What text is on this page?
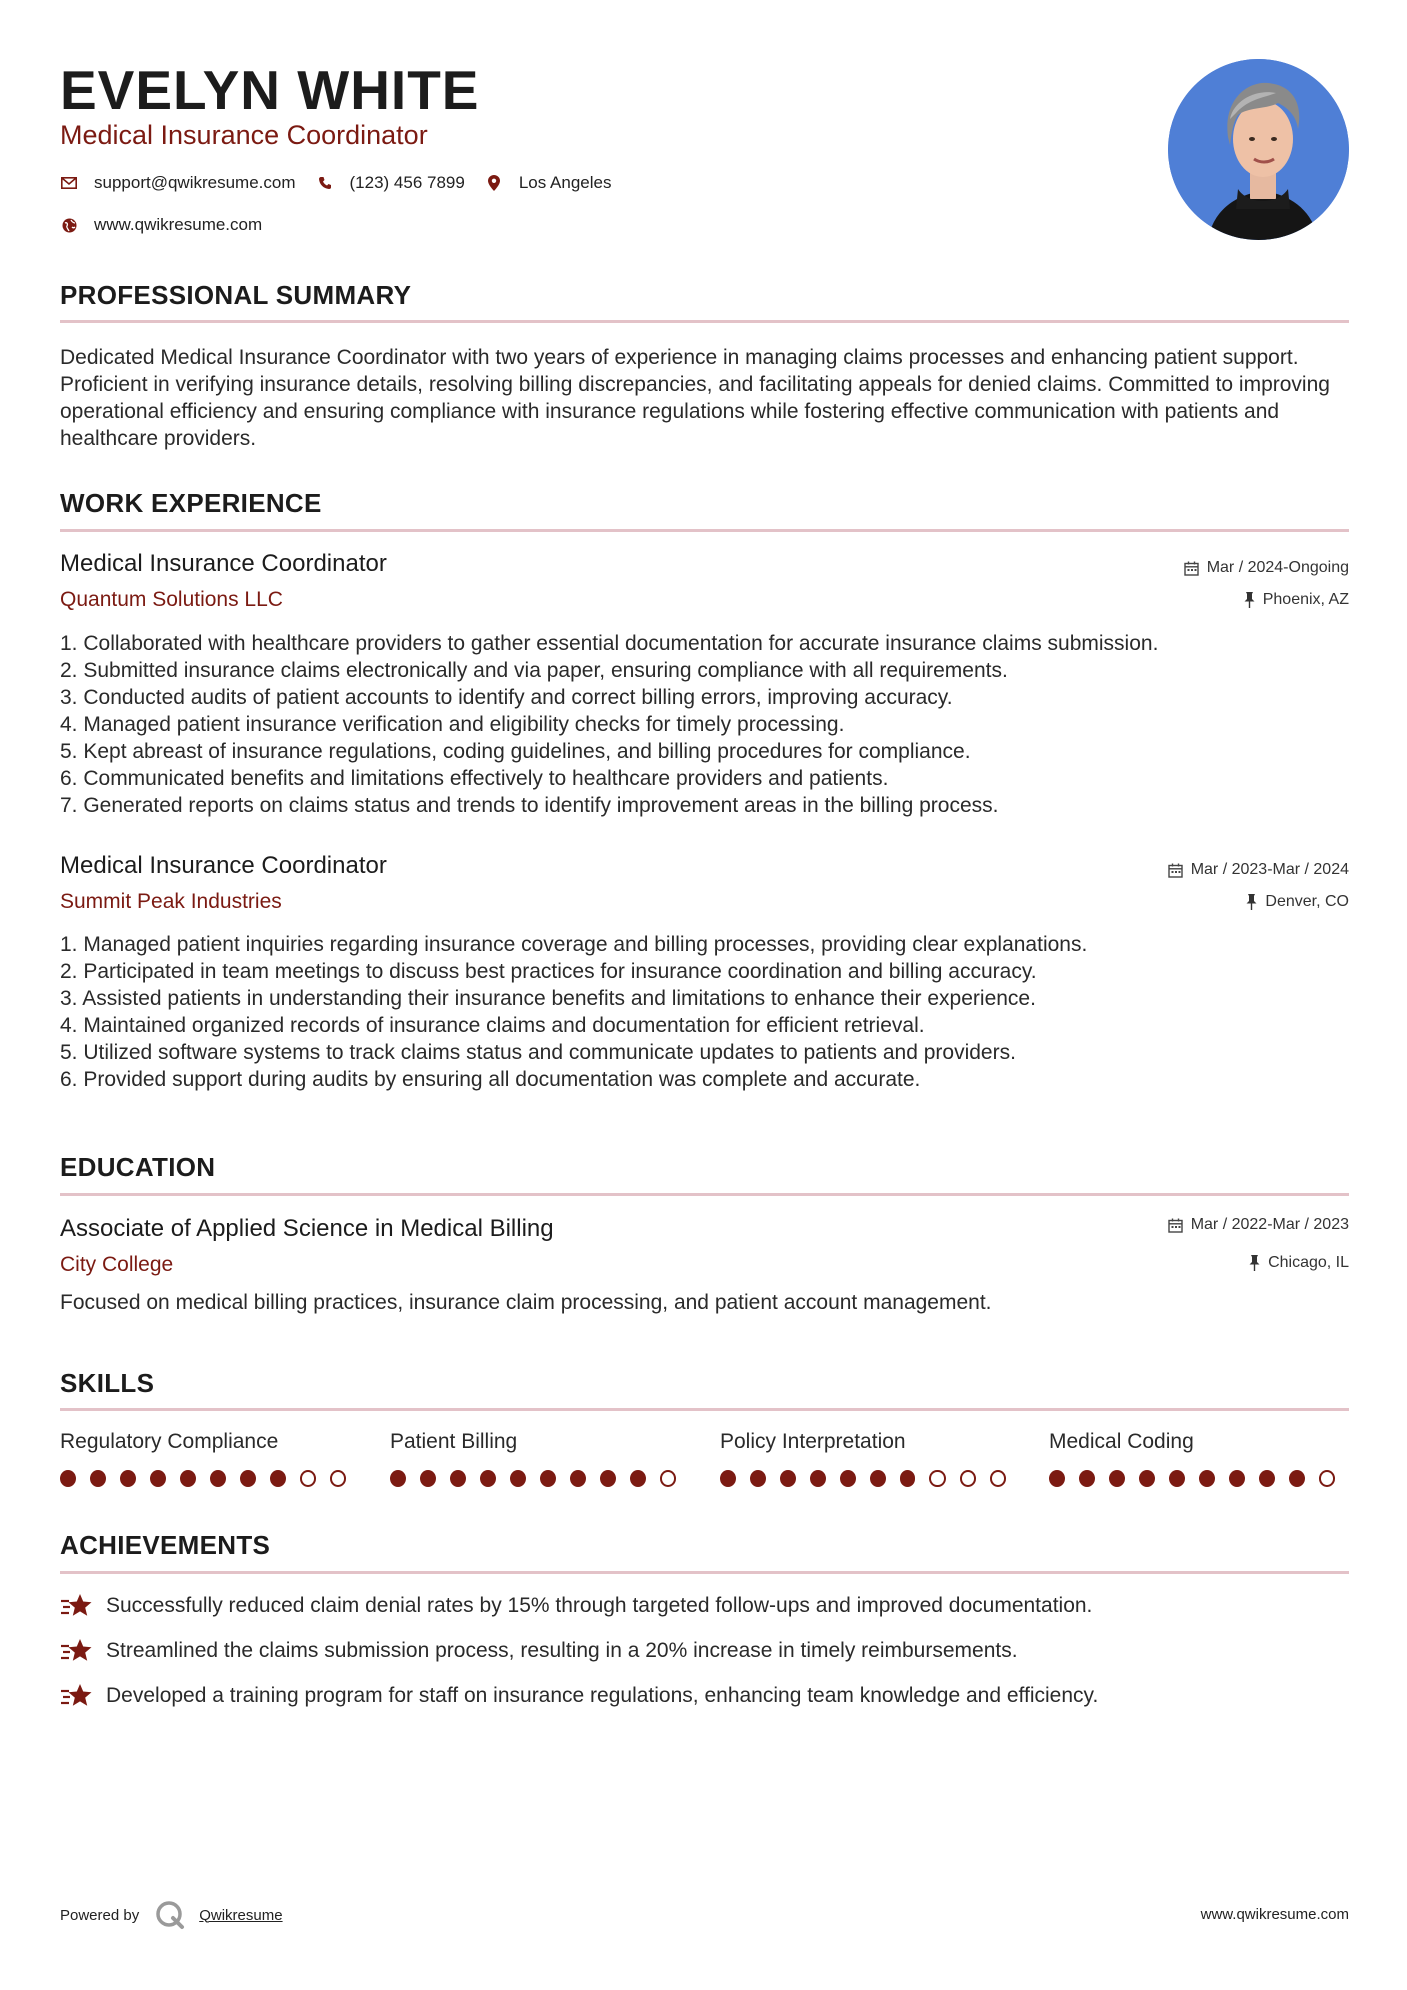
EVELYN WHITE
Medical Insurance Coordinator
support@qwikresume.com	(123) 456 7899	Los Angeles
www.qwikresume.com
PROFESSIONAL SUMMARY
Dedicated Medical Insurance Coordinator with two years of experience in managing claims processes and enhancing patient support. Proficient in verifying insurance details, resolving billing discrepancies, and facilitating appeals for denied claims. Committed to improving operational efficiency and ensuring compliance with insurance regulations while fostering effective communication with patients and healthcare providers.
WORK EXPERIENCE
Medical Insurance Coordinator	Mar / 2024-Ongoing
Quantum Solutions LLC	Phoenix, AZ
1. Collaborated with healthcare providers to gather essential documentation for accurate insurance claims submission.
2. Submitted insurance claims electronically and via paper, ensuring compliance with all requirements.
3. Conducted audits of patient accounts to identify and correct billing errors, improving accuracy.
4. Managed patient insurance verification and eligibility checks for timely processing.
5. Kept abreast of insurance regulations, coding guidelines, and billing procedures for compliance.
6. Communicated benefits and limitations effectively to healthcare providers and patients.
7. Generated reports on claims status and trends to identify improvement areas in the billing process.
Medical Insurance Coordinator	Mar / 2023-Mar / 2024
Summit Peak Industries	Denver, CO
1. Managed patient inquiries regarding insurance coverage and billing processes, providing clear explanations.
2. Participated in team meetings to discuss best practices for insurance coordination and billing accuracy.
3. Assisted patients in understanding their insurance benefits and limitations to enhance their experience.
4. Maintained organized records of insurance claims and documentation for efficient retrieval.
5. Utilized software systems to track claims status and communicate updates to patients and providers.
6. Provided support during audits by ensuring all documentation was complete and accurate.
EDUCATION
Associate of Applied Science in Medical Billing	Mar / 2022-Mar / 2023
City College	Chicago, IL
Focused on medical billing practices, insurance claim processing, and patient account management.
SKILLS
Regulatory Compliance	Patient Billing	Policy Interpretation	Medical Coding
ACHIEVEMENTS
Successfully reduced claim denial rates by 15% through targeted follow-ups and improved documentation.
Streamlined the claims submission process, resulting in a 20% increase in timely reimbursements.
Developed a training program for staff on insurance regulations, enhancing team knowledge and efficiency.
Powered by	Qwikresume	www.qwikresume.com
